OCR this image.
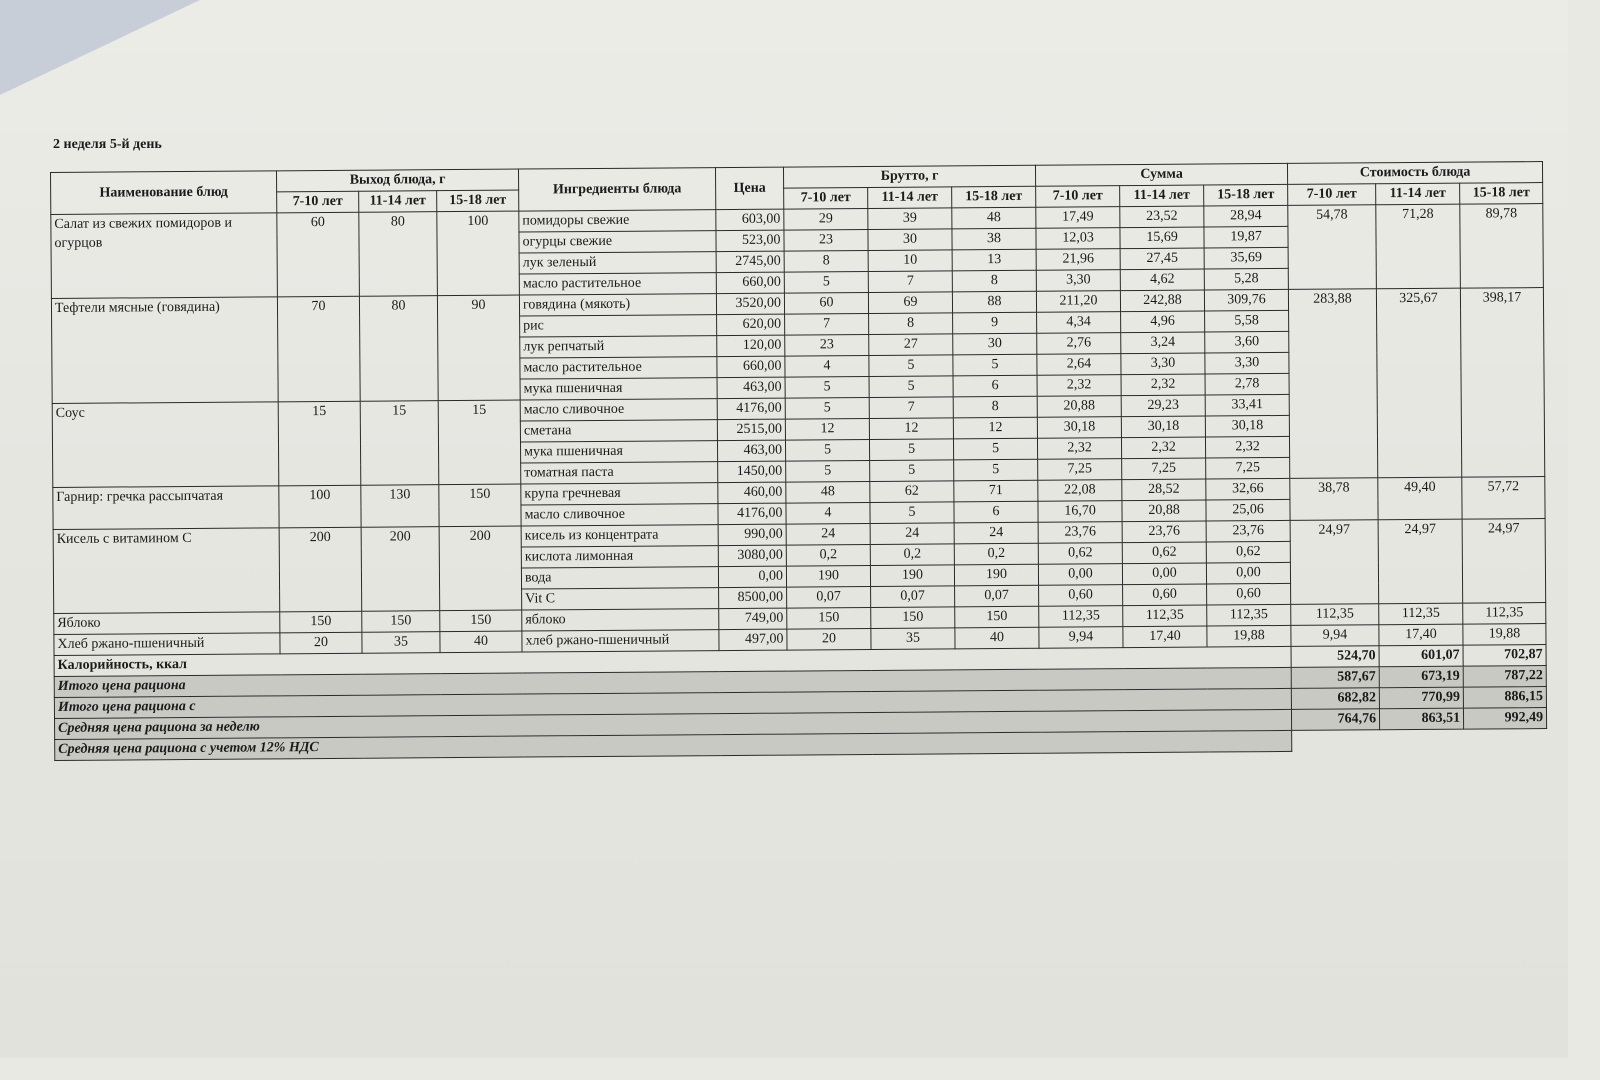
2 неделя 5-й день
Наименование блюд	Выход блюда, г			Ингредиенты блюда	Цена	Брутто, г			Сумма			Стоимость блюда		
	7-10 лет	11-14 лет	15-18 лет			7-10 лет	11-14 лет	15-18 лет	7-10 лет	11-14 лет	15-18 лет	7-10 лет	11-14 лет	15-18 лет
Салат из свежих помидоров и огурцов	60	80	100	помидоры свежие	603,00	29	39	48	17,49	23,52	28,94	54,78	71,28	89,78
				огурцы свежие	523,00	23	30	38	12,03	15,69	19,87			
				лук зеленый	2745,00	8	10	13	21,96	27,45	35,69			
				масло растительное	660,00	5	7	8	3,30	4,62	5,28			
Тефтели мясные (говядина)	70	80	90	говядина (мякоть)	3520,00	60	69	88	211,20	242,88	309,76	283,88	325,67	398,17
				рис	620,00	7	8	9	4,34	4,96	5,58			
				лук репчатый	120,00	23	27	30	2,76	3,24	3,60			
				масло растительное	660,00	4	5	5	2,64	3,30	3,30			
				мука пшеничная	463,00	5	5	6	2,32	2,32	2,78			
Соус	15	15	15	масло сливочное	4176,00	5	7	8	20,88	29,23	33,41			
				сметана	2515,00	12	12	12	30,18	30,18	30,18			
				мука пшеничная	463,00	5	5	5	2,32	2,32	2,32			
				томатная паста	1450,00	5	5	5	7,25	7,25	7,25			
Гарнир: гречка рассыпчатая	100	130	150	крупа гречневая	460,00	48	62	71	22,08	28,52	32,66	38,78	49,40	57,72
				масло сливочное	4176,00	4	5	6	16,70	20,88	25,06			
Кисель с витамином С	200	200	200	кисель из концентрата	990,00	24	24	24	23,76	23,76	23,76	24,97	24,97	24,97
				кислота лимонная	3080,00	0,2	0,2	0,2	0,62	0,62	0,62			
				вода	0,00	190	190	190	0,00	0,00	0,00			
				Vit C	8500,00	0,07	0,07	0,07	0,60	0,60	0,60			
Яблоко	150	150	150	яблоко	749,00	150	150	150	112,35	112,35	112,35	112,35	112,35	112,35
Хлеб ржано-пшеничный	20	35	40	хлеб ржано-пшеничный	497,00	20	35	40	9,94	17,40	19,88	9,94	17,40	19,88
Калорийность, ккал												524,70	601,07	702,87
Итого цена рациона												587,67	673,19	787,22
Итого цена рациона с												682,82	770,99	886,15
Средняя цена рациона за неделю												764,76	863,51	992,49
Средняя цена рациона с учетом 12% НДС														
